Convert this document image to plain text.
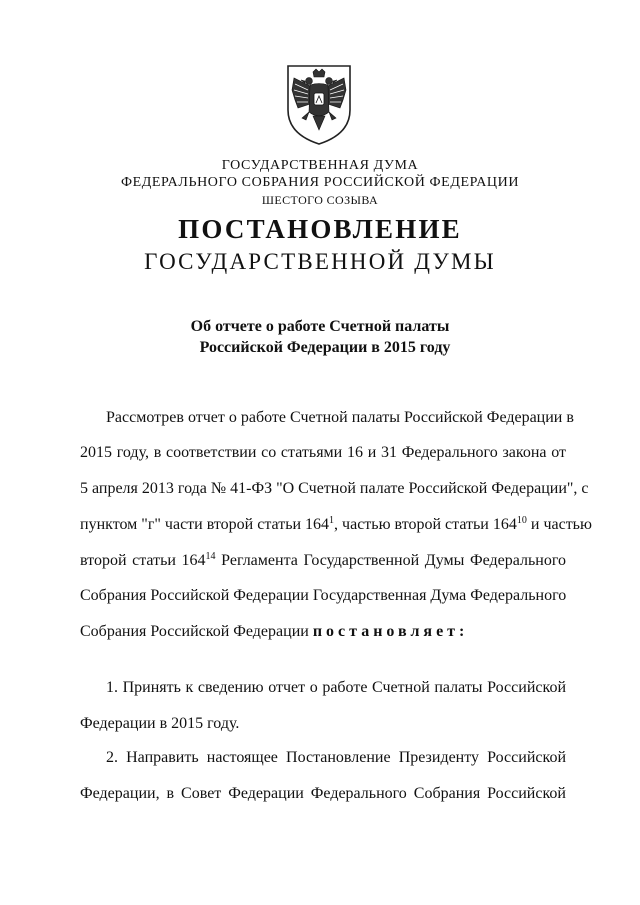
ГОСУДАРСТВЕННАЯ ДУМА
ФЕДЕРАЛЬНОГО СОБРАНИЯ РОССИЙСКОЙ ФЕДЕРАЦИИ
ШЕСТОГО СОЗЫВА
ПОСТАНОВЛЕНИЕ
ГОСУДАРСТВЕННОЙ ДУМЫ
Об отчете о работе Счетной палаты
Российской Федерации в 2015 году
Рассмотрев отчет о работе Счетной палаты Российской Федерации в
2015 году, в соответствии со статьями 16 и 31 Федерального закона от
5 апреля 2013 года № 41-ФЗ "О Счетной палате Российской Федерации", с
пунктом "г" части второй статьи $164^1$, частью второй статьи $164^{10}$ и частью
второй статьи $164^{14}$ Регламента Государственной Думы Федерального
Собрания Российской Федерации Государственная Дума Федерального
Собрания Российской Федерации постановляет:
1. Принять к сведению отчет о работе Счетной палаты Российской
Федерации в 2015 году.
2. Направить настоящее Постановление Президенту Российской
Федерации, в Совет Федерации Федерального Собрания Российской
